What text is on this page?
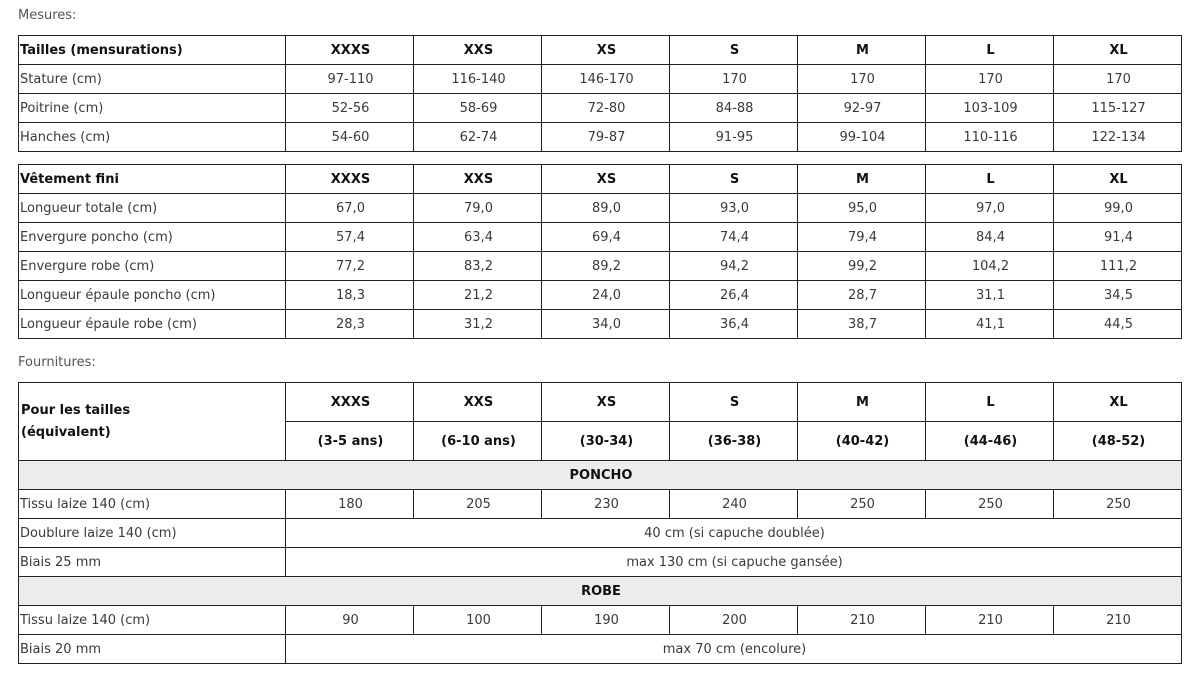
Mesures:
Tailles (mensurations)	XXXS	XXS	XS	S	M	L	XL
Stature (cm)	97-110	116-140	146-170	170	170	170	170
Poitrine (cm)	52-56	58-69	72-80	84-88	92-97	103-109	115-127
Hanches (cm)	54-60	62-74	79-87	91-95	99-104	110-116	122-134
Vêtement fini	XXXS	XXS	XS	S	M	L	XL
Longueur totale (cm)	67,0	79,0	89,0	93,0	95,0	97,0	99,0
Envergure poncho (cm)	57,4	63,4	69,4	74,4	79,4	84,4	91,4
Envergure robe (cm)	77,2	83,2	89,2	94,2	99,2	104,2	111,2
Longueur épaule poncho (cm)	18,3	21,2	24,0	26,4	28,7	31,1	34,5
Longueur épaule robe (cm)	28,3	31,2	34,0	36,4	38,7	41,1	44,5
Fournitures:
Pour les tailles
(équivalent)	XXXS	XXS	XS	S	M	L	XL
	(3-5 ans)	(6-10 ans)	(30-34)	(36-38)	(40-42)	(44-46)	(48-52)
PONCHO							
Tissu laize 140 (cm)	180	205	230	240	250	250	250
Doublure laize 140 (cm)	40 cm (si capuche doublée)						
Biais 25 mm	max 130 cm (si capuche gansée)						
ROBE							
Tissu laize 140 (cm)	90	100	190	200	210	210	210
Biais 20 mm	max 70 cm (encolure)						
